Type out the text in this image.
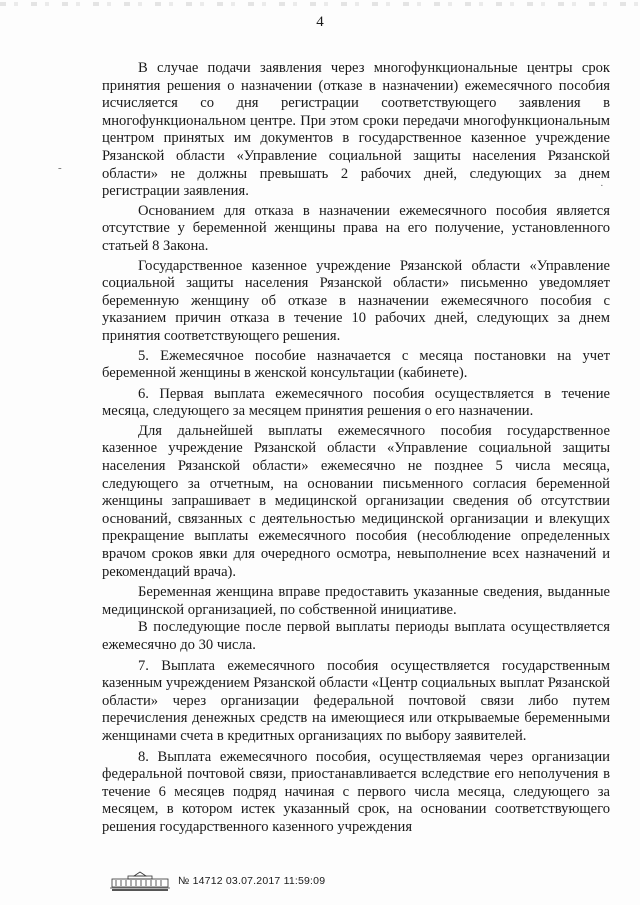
4
-
·

В случае подачи заявления через многофункциональные центры срок принятия решения о назначении (отказе в назначении) ежемесячного пособия исчисляется со дня регистрации соответствующего заявления в многофункциональном центре. При этом сроки передачи многофункциональным центром принятых им документов в государственное казенное учреждение Рязанской области «Управление социальной защиты населения Рязанской области» не должны превышать 2 рабочих дней, следующих за днем регистрации заявления.

Основанием для отказа в назначении ежемесячного пособия является отсутствие у беременной женщины права на его получение, установленного статьей 8 Закона.

Государственное казенное учреждение Рязанской области «Управление социальной защиты населения Рязанской области» письменно уведомляет беременную женщину об отказе в назначении ежемесячного пособия с указанием причин отказа в течение 10 рабочих дней, следующих за днем принятия соответствующего решения.

5. Ежемесячное пособие назначается с месяца постановки на учет беременной женщины в женской консультации (кабинете).

6. Первая выплата ежемесячного пособия осуществляется в течение месяца, следующего за месяцем принятия решения о его назначении.

Для дальнейшей выплаты ежемесячного пособия государственное казенное учреждение Рязанской области «Управление социальной защиты населения Рязанской области» ежемесячно не позднее 5 числа месяца, следующего за отчетным, на основании письменного согласия беременной женщины запрашивает в медицинской организации сведения об отсутствии оснований, связанных с деятельностью медицинской организации и влекущих прекращение выплаты ежемесячного пособия (несоблюдение определенных врачом сроков явки для очередного осмотра, невыполнение всех назначений и рекомендаций врача).

Беременная женщина вправе предоставить указанные сведения, выданные медицинской организацией, по собственной инициативе.

В последующие после первой выплаты периоды выплата осуществляется ежемесячно до 30 числа.

7. Выплата ежемесячного пособия осуществляется государственным казенным учреждением Рязанской области «Центр социальных выплат Рязанской области» через организации федеральной почтовой связи либо путем перечисления денежных средств на имеющиеся или открываемые беременными женщинами счета в кредитных организациях по выбору заявителей.

8. Выплата ежемесячного пособия, осуществляемая через организации федеральной почтовой связи, приостанавливается вследствие его неполучения в течение 6 месяцев подряд начиная с первого числа месяца, следующего за месяцем, в котором истек указанный срок, на основании соответствующего решения государственного казенного учреждения

№ 14712 03.07.2017 11:59:09
